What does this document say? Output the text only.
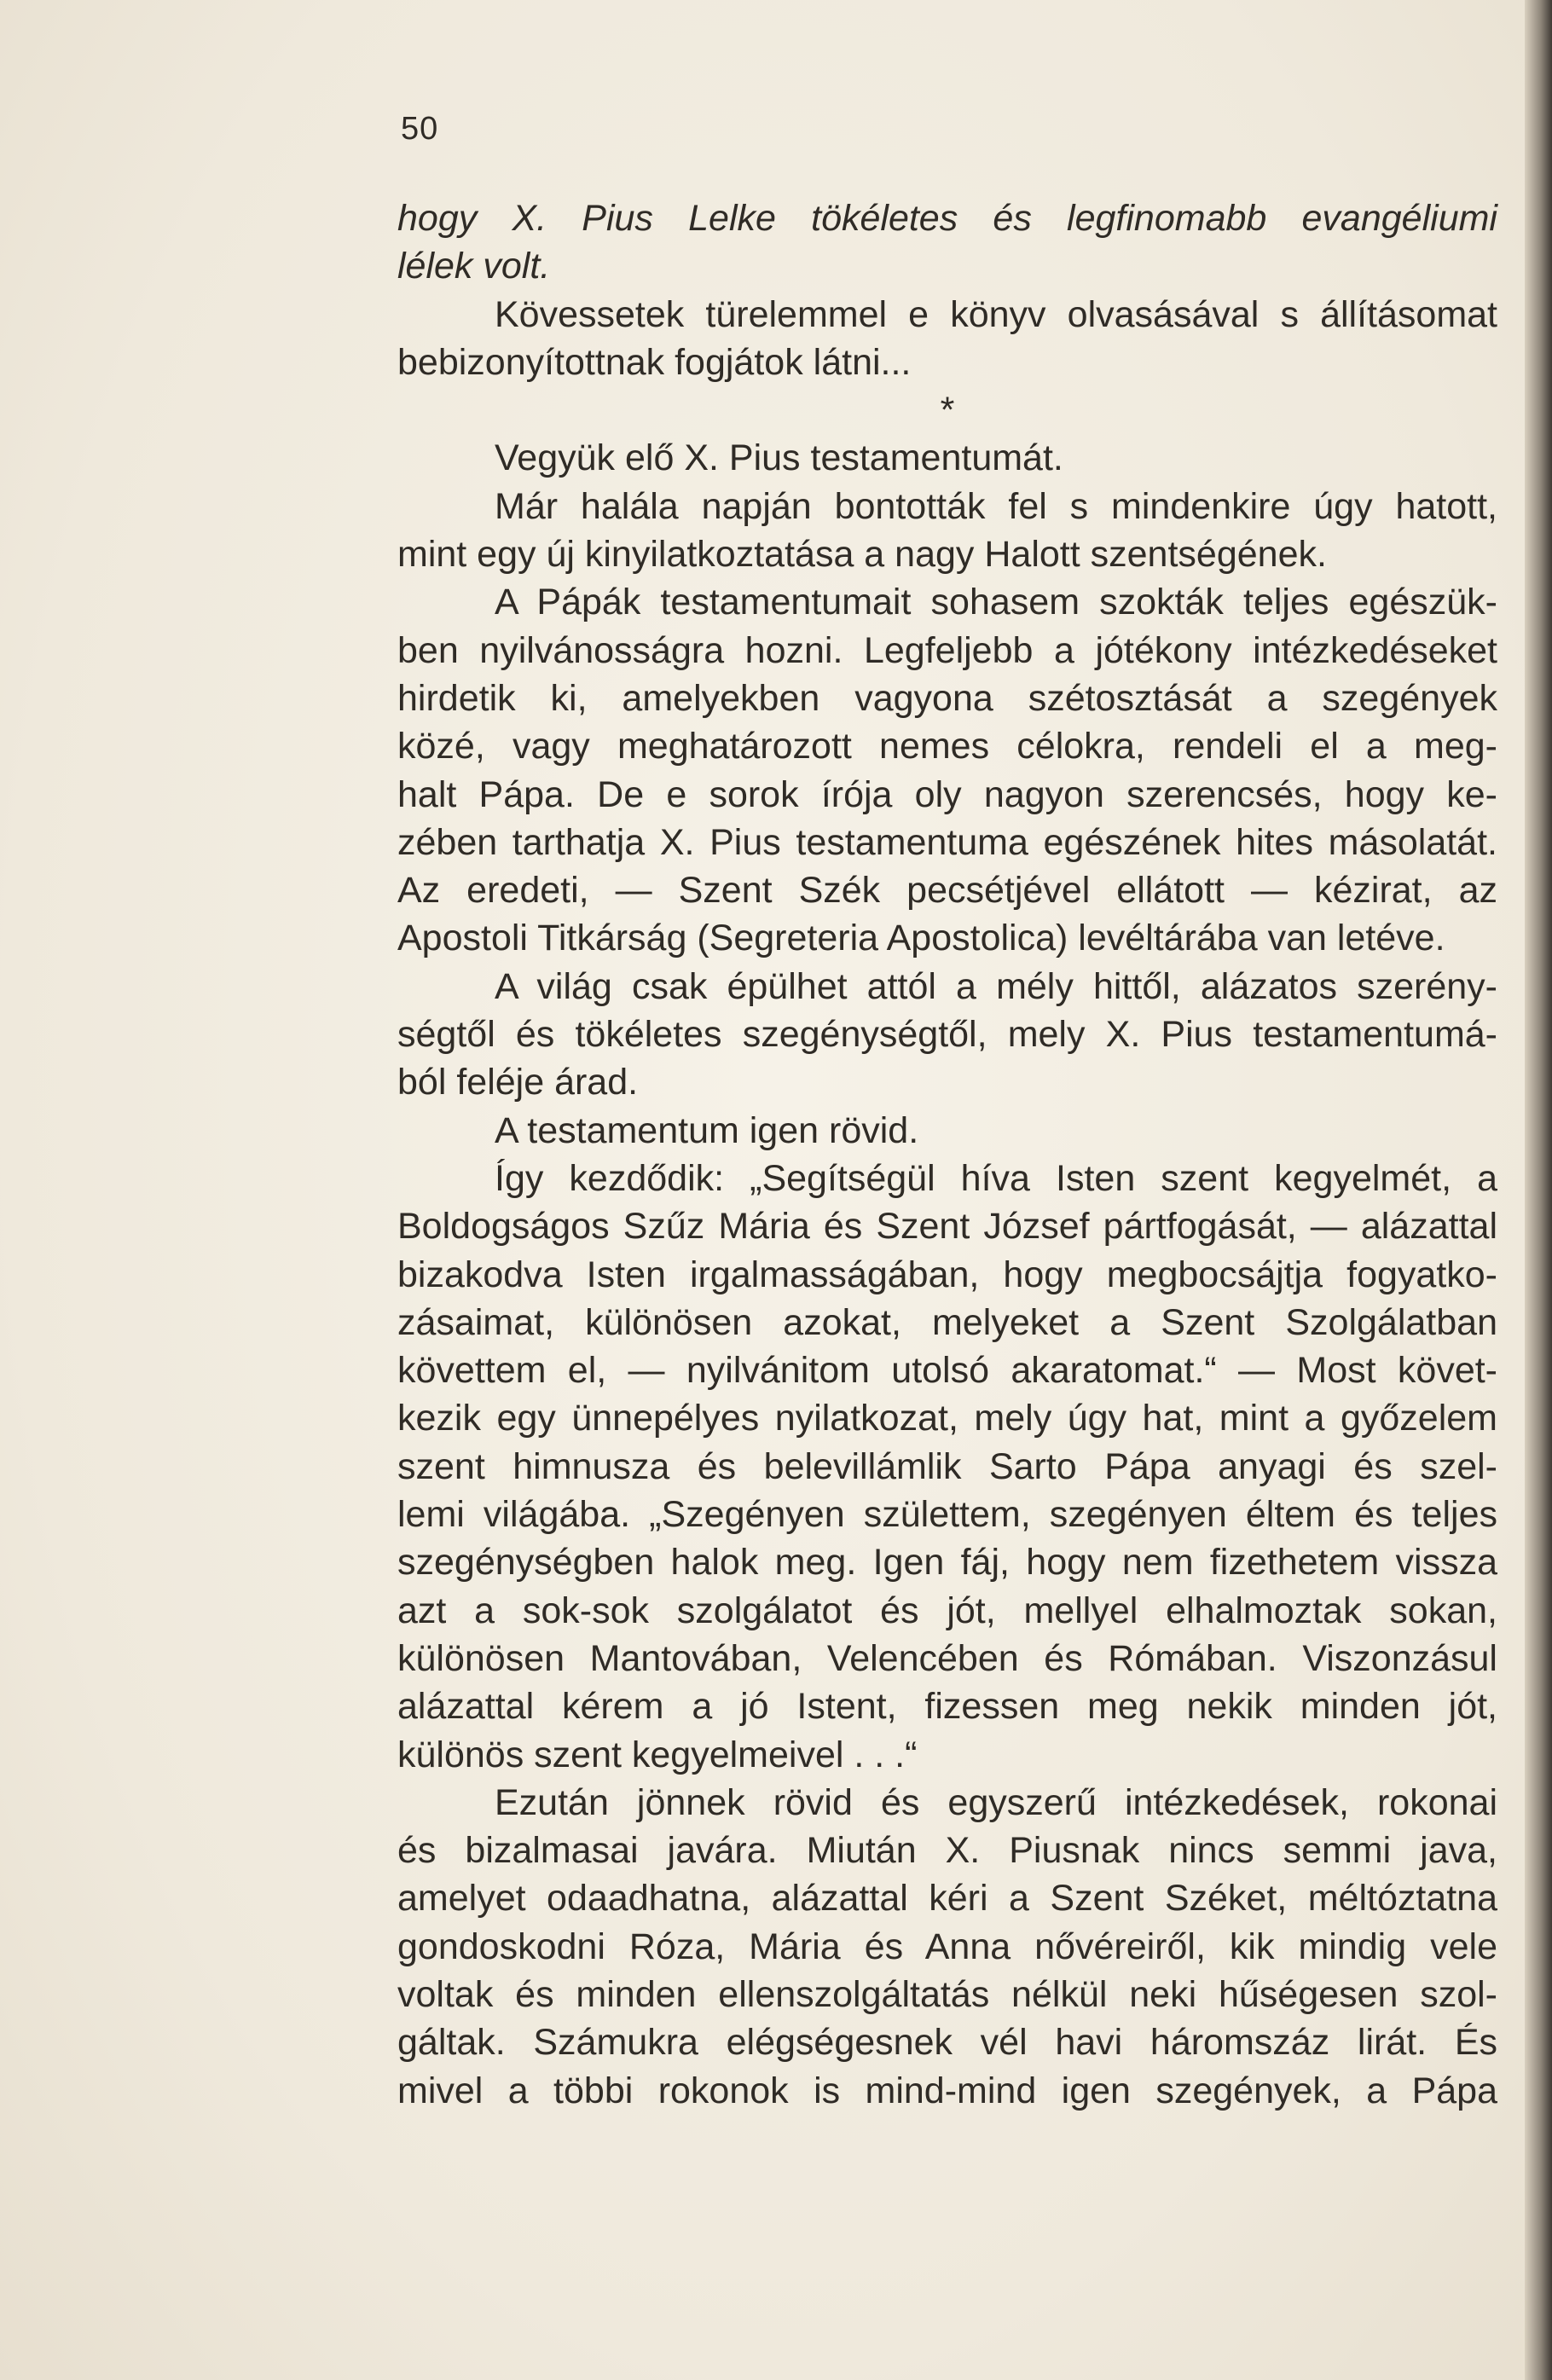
50
hogy X. Pius Lelke tökéletes és legfinomabb evangéliumi
lélek volt.
Kövessetek türelemmel e könyv olvasásával s állításomat
bebizonyítottnak fogjátok látni...
*
Vegyük elő X. Pius testamentumát.
Már halála napján bontották fel s mindenkire úgy hatott,
mint egy új kinyilatkoztatása a nagy Halott szentségének.
A Pápák testamentumait sohasem szokták teljes egészük-
ben nyilvánosságra hozni. Legfeljebb a jótékony intézkedéseket
hirdetik ki, amelyekben vagyona szétosztását a szegények
közé, vagy meghatározott nemes célokra, rendeli el a meg-
halt Pápa. De e sorok írója oly nagyon szerencsés, hogy ke-
zében tarthatja X. Pius testamentuma egészének hites másolatát.
Az eredeti, — Szent Szék pecsétjével ellátott — kézirat, az
Apostoli Titkárság (Segreteria Apostolica) levéltárába van letéve.
A világ csak épülhet attól a mély hittől, alázatos szerény-
ségtől és tökéletes szegénységtől, mely X. Pius testamentumá-
ból feléje árad.
A testamentum igen rövid.
Így kezdődik: „Segítségül híva Isten szent kegyelmét, a
Boldogságos Szűz Mária és Szent József pártfogását, — alázattal
bizakodva Isten irgalmasságában, hogy megbocsájtja fogyatko-
zásaimat, különösen azokat, melyeket a Szent Szolgálatban
követtem el, — nyilvánitom utolsó akaratomat.“ — Most követ-
kezik egy ünnepélyes nyilatkozat, mely úgy hat, mint a győzelem
szent himnusza és belevillámlik Sarto Pápa anyagi és szel-
lemi világába. „Szegényen születtem, szegényen éltem és teljes
szegénységben halok meg. Igen fáj, hogy nem fizethetem vissza
azt a sok-sok szolgálatot és jót, mellyel elhalmoztak sokan,
különösen Mantovában, Velencében és Rómában. Viszonzásul
alázattal kérem a jó Istent, fizessen meg nekik minden jót,
különös szent kegyelmeivel . . .“
Ezután jönnek rövid és egyszerű intézkedések, rokonai
és bizalmasai javára. Miután X. Piusnak nincs semmi java,
amelyet odaadhatna, alázattal kéri a Szent Széket, méltóztatna
gondoskodni Róza, Mária és Anna nővéreiről, kik mindig vele
voltak és minden ellenszolgáltatás nélkül neki hűségesen szol-
gáltak. Számukra elégségesnek vél havi háromszáz lirát. És
mivel a többi rokonok is mind-mind igen szegények, a Pápa
